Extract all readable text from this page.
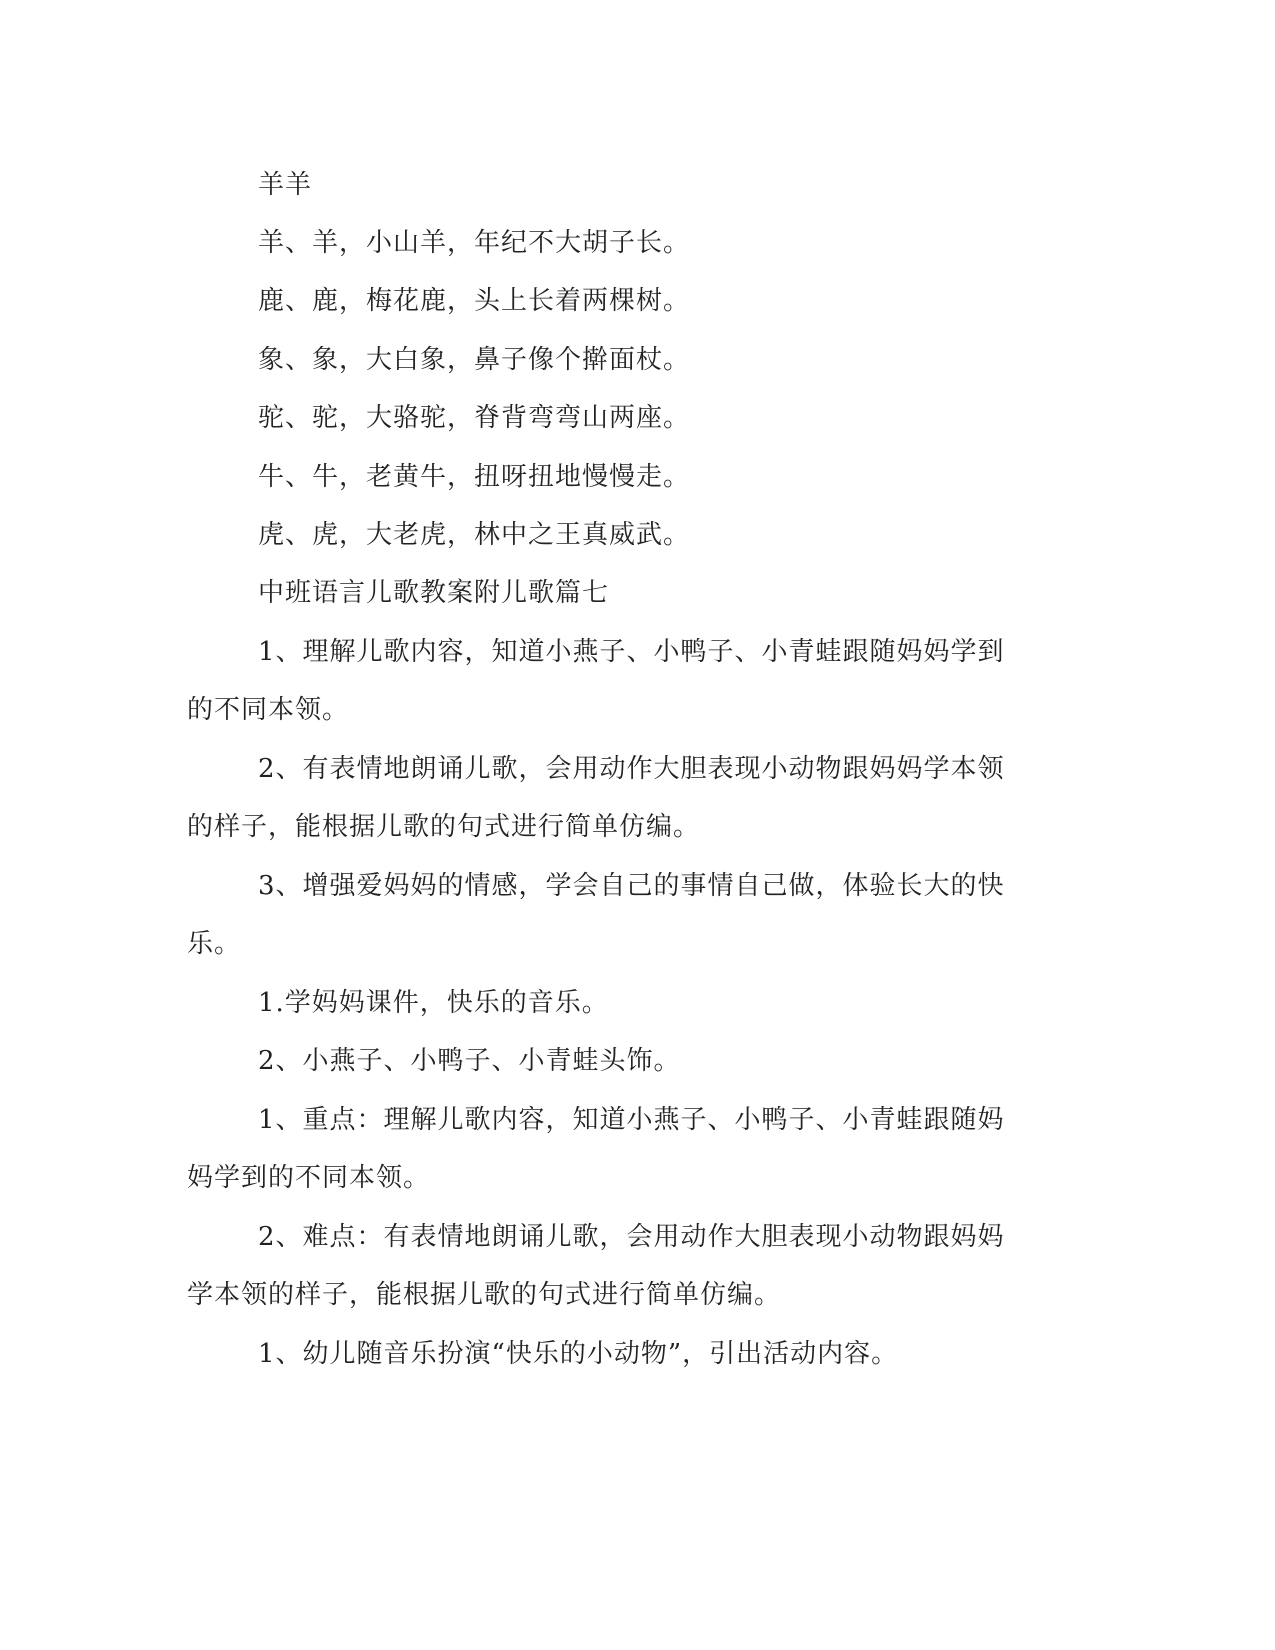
羊羊
羊、羊，小山羊，年纪不大胡子长。
鹿、鹿，梅花鹿，头上长着两棵树。
象、象，大白象，鼻子像个擀面杖。
驼、驼，大骆驼，脊背弯弯山两座。
牛、牛，老黄牛，扭呀扭地慢慢走。
虎、虎，大老虎，林中之王真威武。
中班语言儿歌教案附儿歌篇七
1、理解儿歌内容，知道小燕子、小鸭子、小青蛙跟随妈妈学到
的不同本领。
2、有表情地朗诵儿歌，会用动作大胆表现小动物跟妈妈学本领
的样子，能根据儿歌的句式进行简单仿编。
3、增强爱妈妈的情感，学会自己的事情自己做，体验长大的快
乐。
1.学妈妈课件，快乐的音乐。
2、小燕子、小鸭子、小青蛙头饰。
1、重点：理解儿歌内容，知道小燕子、小鸭子、小青蛙跟随妈
妈学到的不同本领。
2、难点：有表情地朗诵儿歌，会用动作大胆表现小动物跟妈妈
学本领的样子，能根据儿歌的句式进行简单仿编。
1、幼儿随音乐扮演“快乐的小动物”，引出活动内容。
